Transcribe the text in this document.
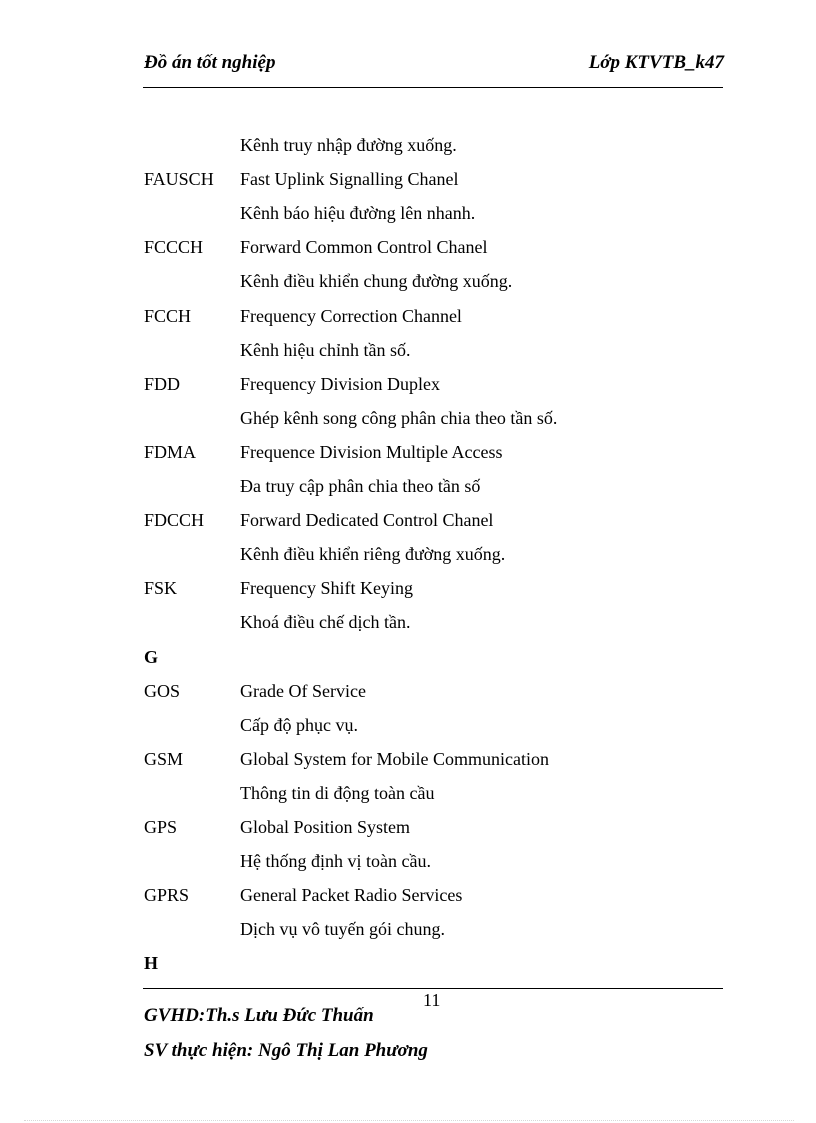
Đồ án tốt nghiệp	Lớp KTVTB_k47
Kênh truy nhập đường xuống.
FAUSCH Fast Uplink Signalling Chanel
Kênh báo hiệu đường lên nhanh.
FCCCH Forward Common Control Chanel
Kênh điều khiển chung đường xuống.
FCCH	Frequency Correction Channel
Kênh hiệu chỉnh tần số.
FDD	Frequency Division Duplex
Ghép kênh song công phân chia theo tần số.
FDMA Frequence Division Multiple Access
Đa truy cập phân chia theo tần số
FDCCH Forward Dedicated Control Chanel
Kênh điều khiển riêng đường xuống.
FSK	Frequency Shift Keying
Khoá điều chế dịch tần.
G
GOS	Grade Of Service
Cấp độ phục vụ.
GSM	Global System for Mobile Communication
Thông tin di động toàn cầu
GPS	Global Position System
Hệ thống định vị toàn cầu.
GPRS	General Packet Radio Services
Dịch vụ vô tuyến gói chung.
H
11
GVHD:Th.s Lưu Đức Thuấn
SV thực hiện: Ngô Thị Lan Phương
